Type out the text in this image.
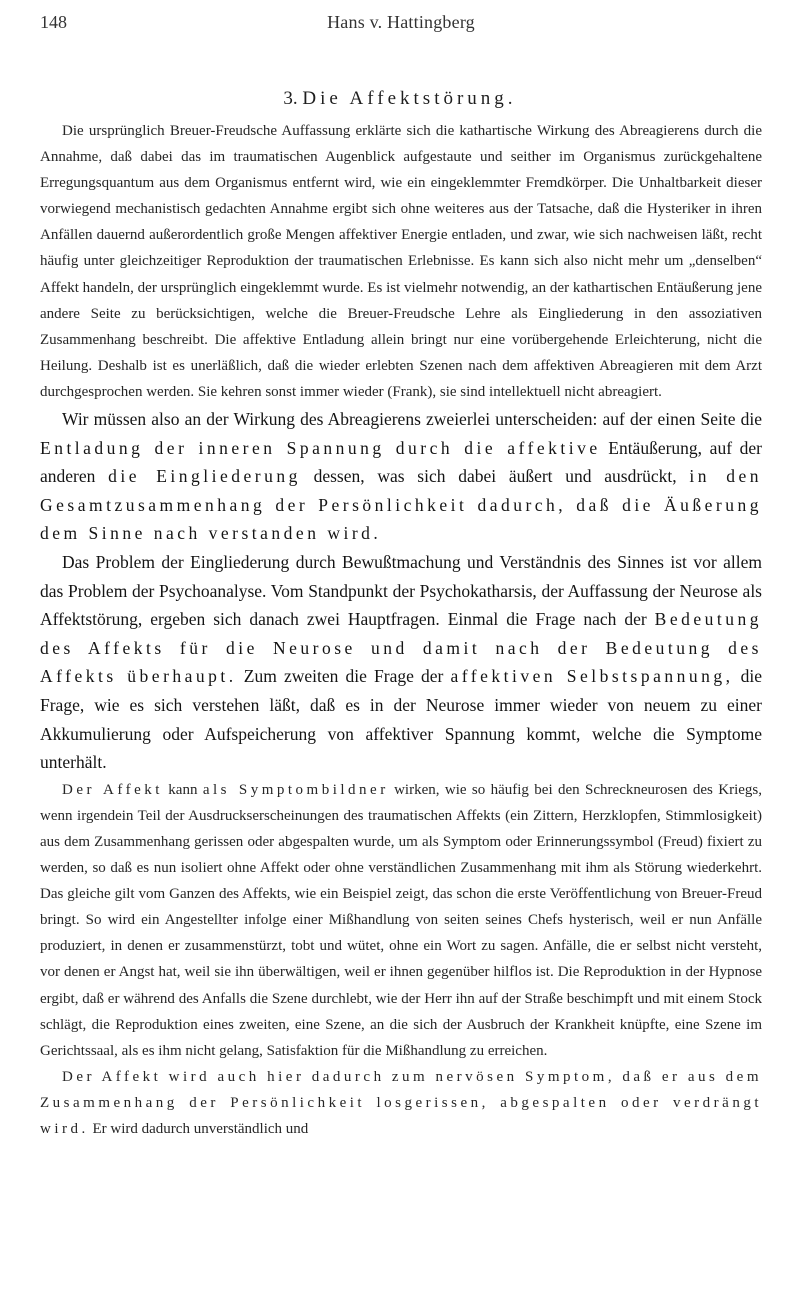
148	Hans v. Hattingberg
3. Die Affektstörung.

Die ursprünglich Breuer-Freudsche Auffassung erklärte sich die kathartische Wirkung des Abreagierens durch die Annahme, daß dabei das im traumatischen Augenblick aufgestaute und seither im Organismus zurückgehaltene Erregungsquantum aus dem Organismus entfernt wird, wie ein eingeklemmter Fremdkörper. Die Unhaltbarkeit dieser vorwiegend mechanistisch gedachten Annahme ergibt sich ohne weiteres aus der Tatsache, daß die Hysteriker in ihren Anfällen dauernd außerordentlich große Mengen affektiver Energie entladen, und zwar, wie sich nachweisen läßt, recht häufig unter gleichzeitiger Reproduktion der traumatischen Erlebnisse. Es kann sich also nicht mehr um „denselben“ Affekt handeln, der ursprünglich eingeklemmt wurde. Es ist vielmehr notwendig, an der kathartischen Entäußerung jene andere Seite zu berücksichtigen, welche die Breuer-Freudsche Lehre als Eingliederung in den assoziativen Zusammenhang beschreibt. Die affektive Entladung allein bringt nur eine vorübergehende Erleichterung, nicht die Heilung. Deshalb ist es unerläßlich, daß die wieder erlebten Szenen nach dem affektiven Abreagieren mit dem Arzt durchgesprochen werden. Sie kehren sonst immer wieder (Frank), sie sind intellektuell nicht abreagiert.

Wir müssen also an der Wirkung des Abreagierens zweierlei unterscheiden: auf der einen Seite die Entladung der inneren Spannung durch die affektive Entäußerung, auf der anderen die Eingliederung dessen, was sich dabei äußert und ausdrückt, in den Gesamtzusammenhang der Persönlichkeit dadurch, daß die Äußerung dem Sinne nach verstanden wird.

Das Problem der Eingliederung durch Bewußtmachung und Verständnis des Sinnes ist vor allem das Problem der Psychoanalyse. Vom Standpunkt der Psychokatharsis, der Auffassung der Neurose als Affektstörung, ergeben sich danach zwei Hauptfragen. Einmal die Frage nach der Bedeutung des Affekts für die Neurose und damit nach der Bedeutung des Affekts überhaupt. Zum zweiten die Frage der affektiven Selbstspannung, die Frage, wie es sich verstehen läßt, daß es in der Neurose immer wieder von neuem zu einer Akkumulierung oder Aufspeicherung von affektiver Spannung kommt, welche die Symptome unterhält.

Der Affekt kann als Symptombildner wirken, wie so häufig bei den Schreckneurosen des Kriegs, wenn irgendein Teil der Ausdruckserscheinungen des traumatischen Affekts (ein Zittern, Herzklopfen, Stimmlosigkeit) aus dem Zusammenhang gerissen oder abgespalten wurde, um als Symptom oder Erinnerungssymbol (Freud) fixiert zu werden, so daß es nun isoliert ohne Affekt oder ohne verständlichen Zusammenhang mit ihm als Störung wiederkehrt. Das gleiche gilt vom Ganzen des Affekts, wie ein Beispiel zeigt, das schon die erste Veröffentlichung von Breuer-Freud bringt. So wird ein Angestellter infolge einer Mißhandlung von seiten seines Chefs hysterisch, weil er nun Anfälle produziert, in denen er zusammenstürzt, tobt und wütet, ohne ein Wort zu sagen. Anfälle, die er selbst nicht versteht, vor denen er Angst hat, weil sie ihn überwältigen, weil er ihnen gegenüber hilflos ist. Die Reproduktion in der Hypnose ergibt, daß er während des Anfalls die Szene durchlebt, wie der Herr ihn auf der Straße beschimpft und mit einem Stock schlägt, die Reproduktion eines zweiten, eine Szene, an die sich der Ausbruch der Krankheit knüpfte, eine Szene im Gerichtssaal, als es ihm nicht gelang, Satisfaktion für die Mißhandlung zu erreichen.

Der Affekt wird auch hier dadurch zum nervösen Symptom, daß er aus dem Zusammenhang der Persönlichkeit losgerissen, abgespalten oder verdrängt wird. Er wird dadurch unverständlich und
